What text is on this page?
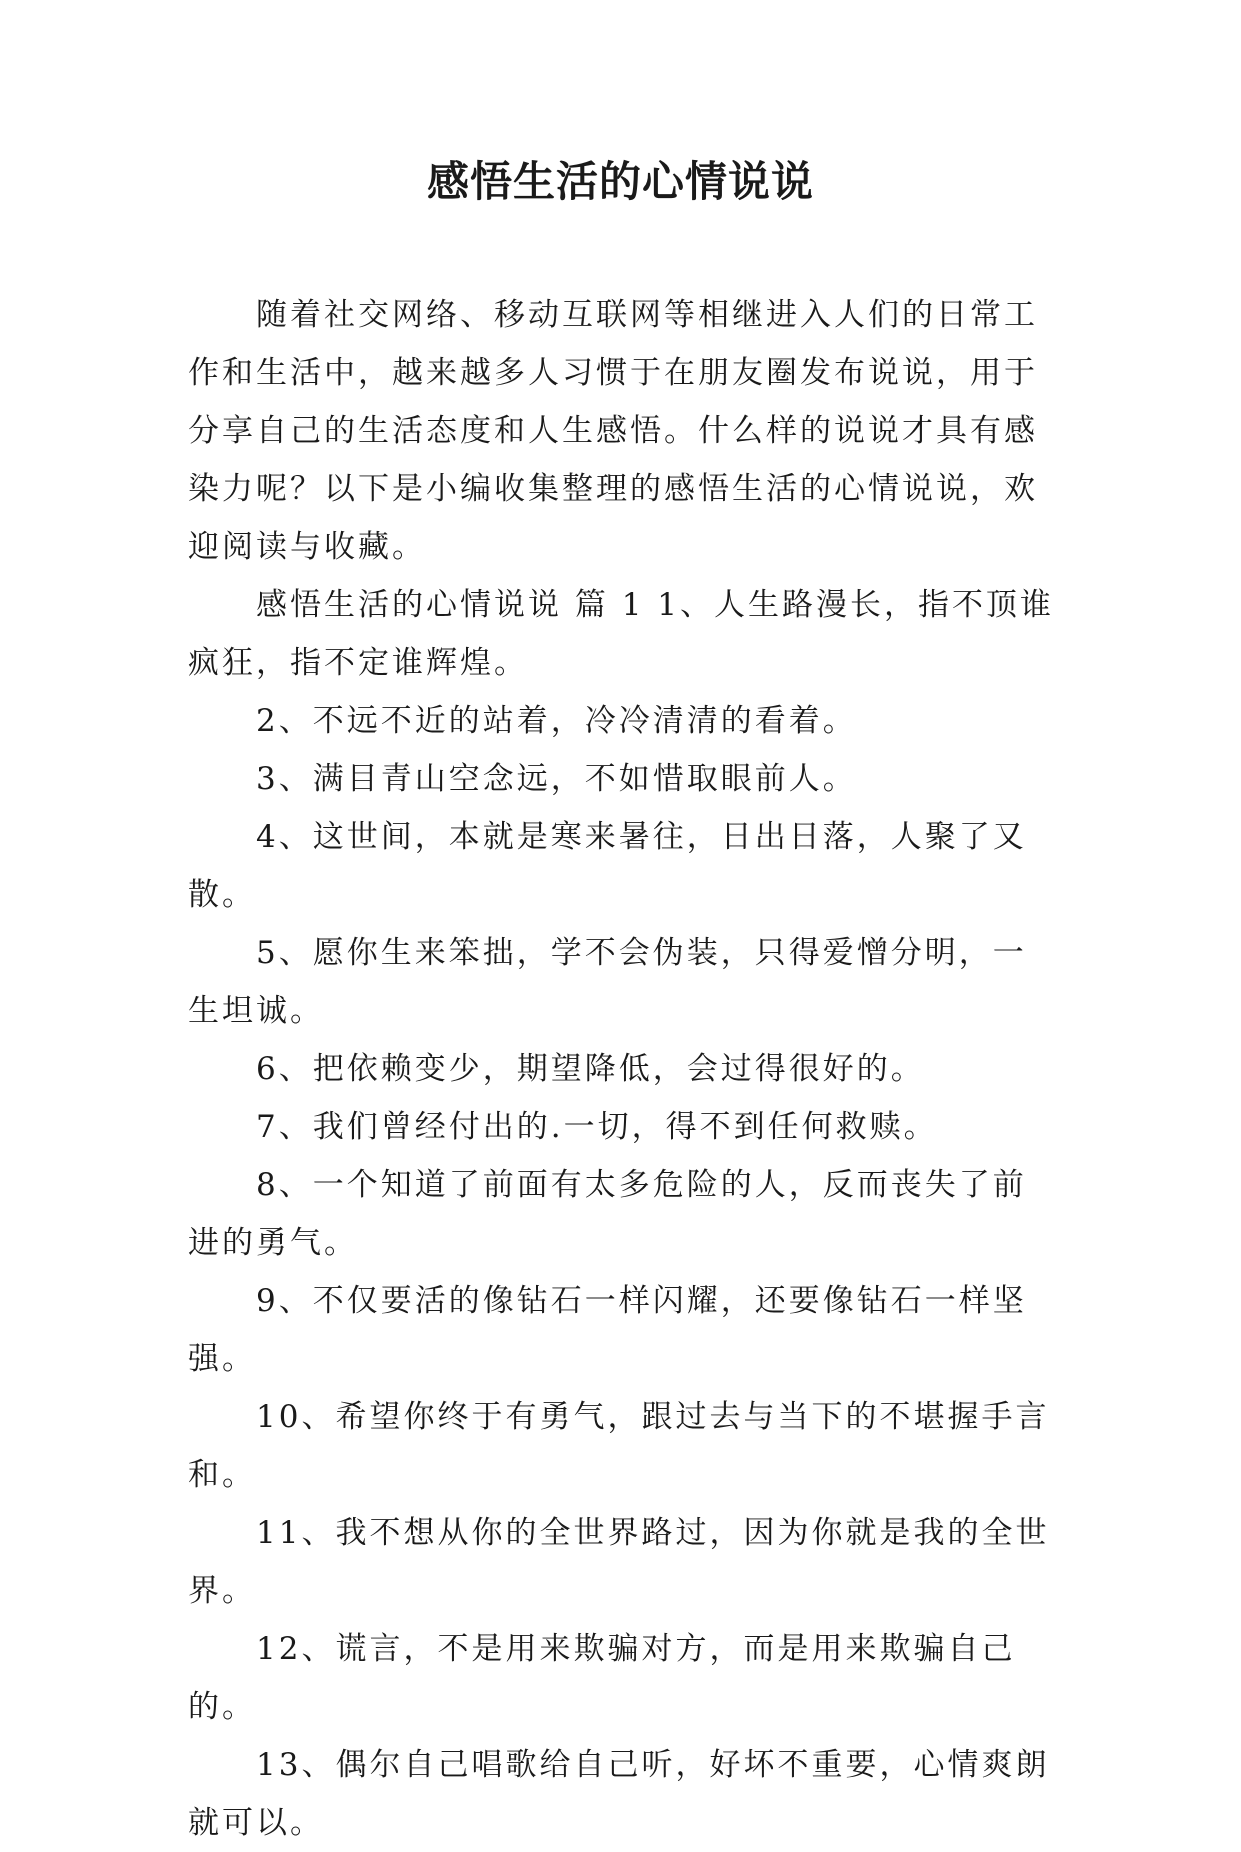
感悟生活的心情说说

随着社交网络、移动互联网等相继进入人们的日常工作和生活中，越来越多人习惯于在朋友圈发布说说，用于分享自己的生活态度和人生感悟。什么样的说说才具有感染力呢？以下是小编收集整理的感悟生活的心情说说，欢迎阅读与收藏。

感悟生活的心情说说 篇 1 1、人生路漫长，指不顶谁疯狂，指不定谁辉煌。

2、不远不近的站着，冷冷清清的看着。

3、满目青山空念远，不如惜取眼前人。

4、这世间，本就是寒来暑往，日出日落，人聚了又散。

5、愿你生来笨拙，学不会伪装，只得爱憎分明，一生坦诚。

6、把依赖变少，期望降低，会过得很好的。

7、我们曾经付出的.一切，得不到任何救赎。

8、一个知道了前面有太多危险的人，反而丧失了前进的勇气。

9、不仅要活的像钻石一样闪耀，还要像钻石一样坚强。

10、希望你终于有勇气，跟过去与当下的不堪握手言和。

11、我不想从你的全世界路过，因为你就是我的全世界。

12、谎言，不是用来欺骗对方，而是用来欺骗自己的。

13、偶尔自己唱歌给自己听，好坏不重要，心情爽朗就可以。
